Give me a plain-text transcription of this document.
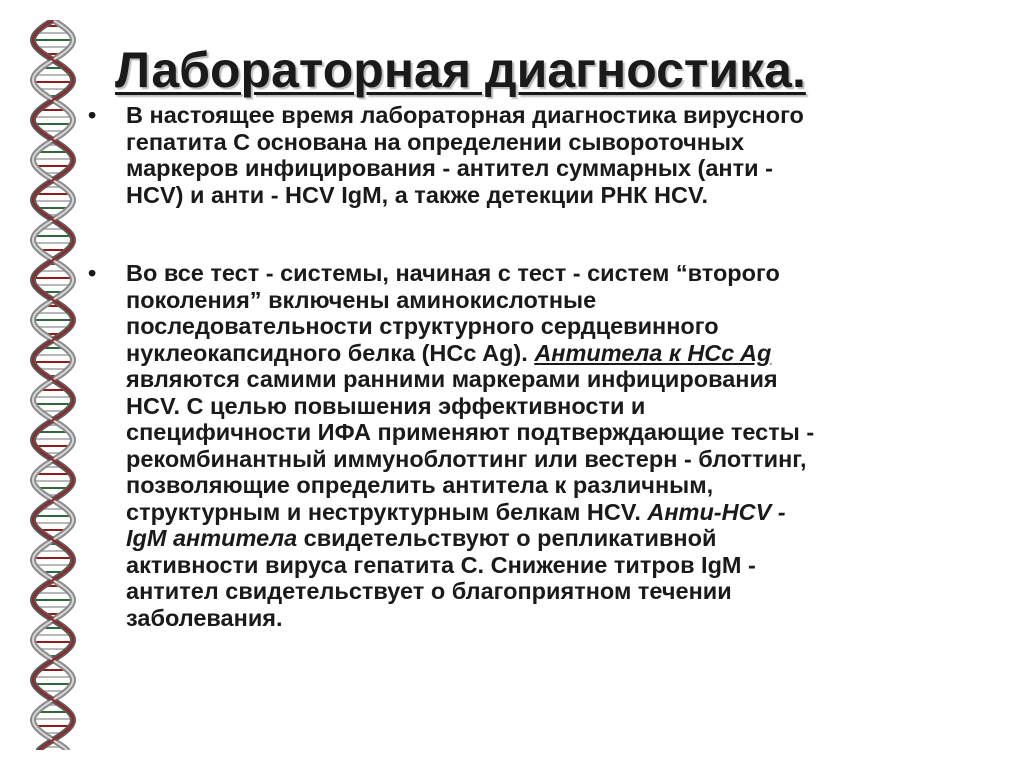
Лабораторная диагностика.
•	В настоящее время лабораторная диагностика вирусного
гепатита С основана на определении сывороточных
маркеров инфицирования - антител суммарных (анти -
HCV) и анти - HCV IgM, а также детекции РНК HCV.
•	Во все тест - системы, начиная с тест - систем “второго
поколения” включены аминокислотные
последовательности структурного сердцевинного
нуклеокапсидного белка (HCc Ag). Антитела к HCc Ag
являются самими ранними маркерами инфицирования
HCV. С целью повышения эффективности и
специфичности ИФА применяют подтверждающие тесты -
рекомбинантный иммуноблоттинг или вестерн - блоттинг,
позволяющие определить антитела к различным,
структурным и неструктурным белкам HCV. Анти-HCV -
IgM антитела свидетельствуют о репликативной
активности вируса гепатита С. Снижение титров IgM -
антител свидетельствует о благоприятном течении
заболевания.
